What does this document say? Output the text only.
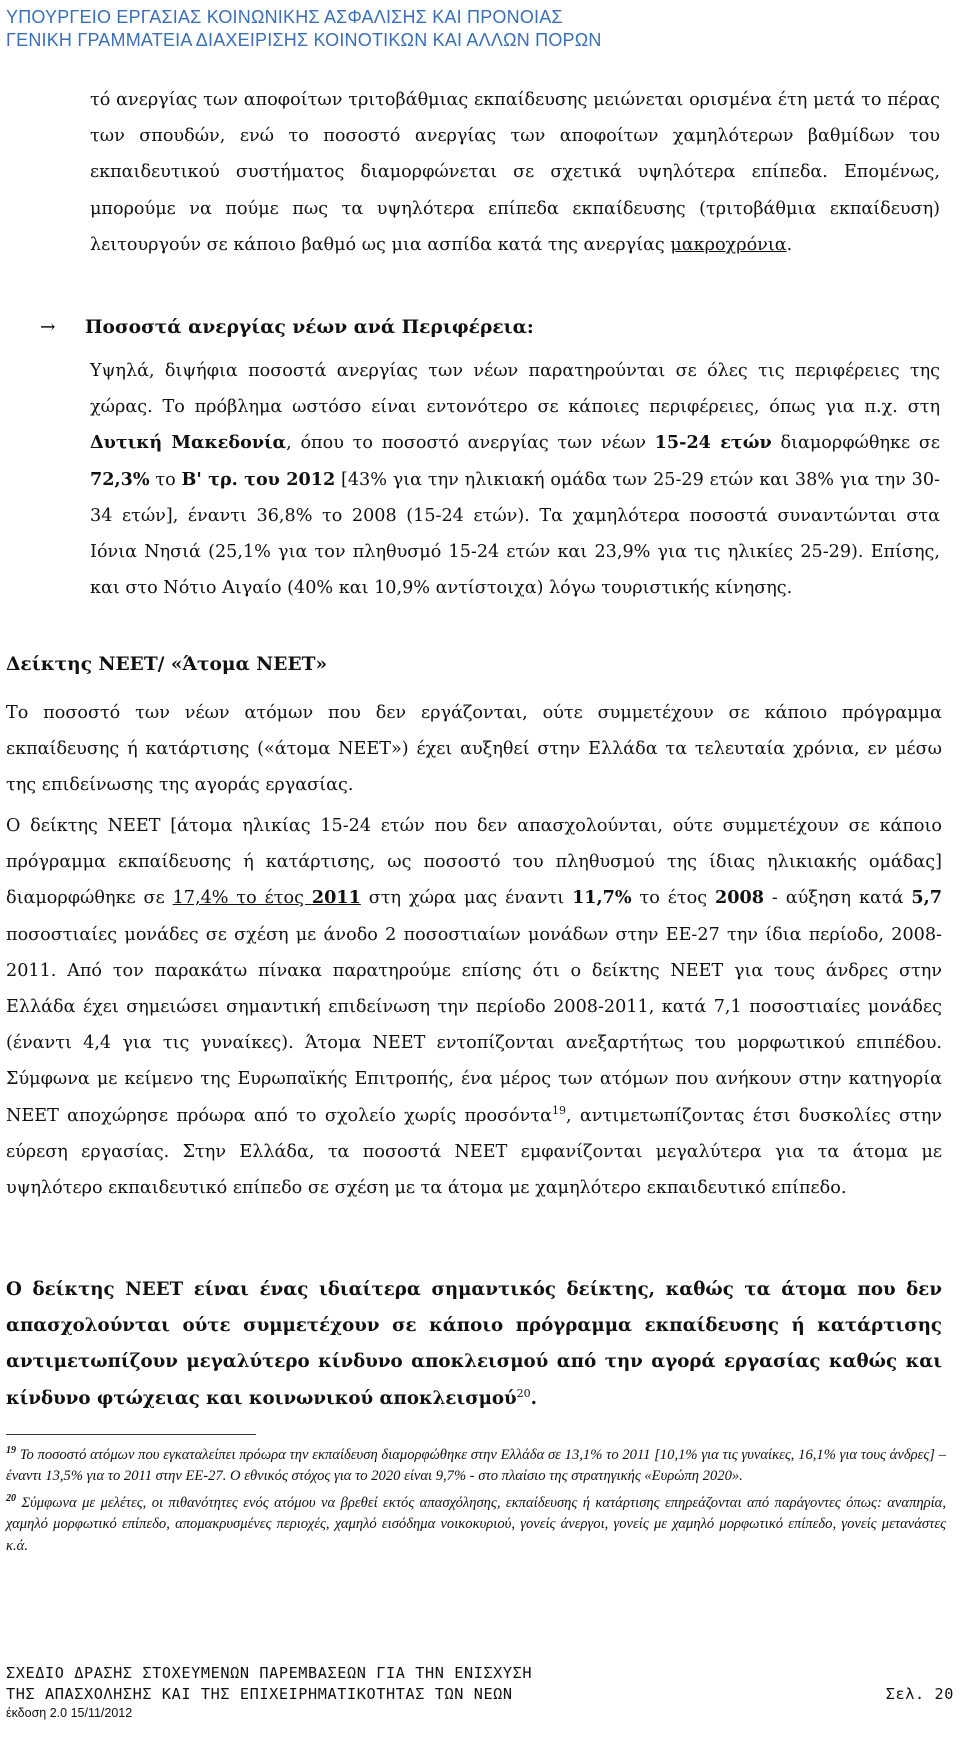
ΥΠΟΥΡΓΕΙΟ ΕΡΓΑΣΙΑΣ ΚΟΙΝΩΝΙΚΗΣ ΑΣΦΑΛΙΣΗΣ ΚΑΙ ΠΡΟΝΟΙΑΣ
ΓΕΝΙΚΗ ΓΡΑΜΜΑΤΕΙΑ ΔΙΑΧΕΙΡΙΣΗΣ ΚΟΙΝΟΤΙΚΩΝ ΚΑΙ ΑΛΛΩΝ ΠΟΡΩΝ
τό ανεργίας των αποφοίτων τριτοβάθμιας εκπαίδευσης μειώνεται ορισμένα έτη μετά το πέρας των σπουδών, ενώ το ποσοστό ανεργίας των αποφοίτων χαμηλότερων βαθμίδων του εκπαιδευτικού συστήματος διαμορφώνεται σε σχετικά υψηλότερα επίπεδα. Επομένως, μπορούμε να πούμε πως τα υψηλότερα επίπεδα εκπαίδευσης (τριτοβάθμια εκπαίδευση) λειτουργούν σε κάποιο βαθμό ως μια ασπίδα κατά της ανεργίας μακροχρόνια.
→ Ποσοστά ανεργίας νέων ανά Περιφέρεια:
Υψηλά, διψήφια ποσοστά ανεργίας των νέων παρατηρούνται σε όλες τις περιφέρειες της χώρας. Το πρόβλημα ωστόσο είναι εντονότερο σε κάποιες περιφέρειες, όπως για π.χ. στη Δυτική Μακεδονία, όπου το ποσοστό ανεργίας των νέων 15-24 ετών διαμορφώθηκε σε 72,3% το Β' τρ. του 2012 [43% για την ηλικιακή ομάδα των 25-29 ετών και 38% για την 30-34 ετών], έναντι 36,8% το 2008 (15-24 ετών). Τα χαμηλότερα ποσοστά συναντώνται στα Ιόνια Νησιά (25,1% για τον πληθυσμό 15-24 ετών και 23,9% για τις ηλικίες 25-29). Επίσης, και στο Νότιο Αιγαίο (40% και 10,9% αντίστοιχα) λόγω τουριστικής κίνησης.
Δείκτης ΝΕΕΤ/ «Άτομα ΝΕΕΤ»
Το ποσοστό των νέων ατόμων που δεν εργάζονται, ούτε συμμετέχουν σε κάποιο πρόγραμμα εκπαίδευσης ή κατάρτισης («άτομα ΝΕΕΤ») έχει αυξηθεί στην Ελλάδα τα τελευταία χρόνια, εν μέσω της επιδείνωσης της αγοράς εργασίας.
Ο δείκτης ΝΕΕΤ [άτομα ηλικίας 15-24 ετών που δεν απασχολούνται, ούτε συμμετέχουν σε κάποιο πρόγραμμα εκπαίδευσης ή κατάρτισης, ως ποσοστό του πληθυσμού της ίδιας ηλικιακής ομάδας] διαμορφώθηκε σε 17,4% το έτος 2011 στη χώρα μας έναντι 11,7% το έτος 2008 - αύξηση κατά 5,7 ποσοστιαίες μονάδες σε σχέση με άνοδο 2 ποσοστιαίων μονάδων στην ΕΕ-27 την ίδια περίοδο, 2008-2011. Από τον παρακάτω πίνακα παρατηρούμε επίσης ότι ο δείκτης ΝΕΕΤ για τους άνδρες στην Ελλάδα έχει σημειώσει σημαντική επιδείνωση την περίοδο 2008-2011, κατά 7,1 ποσοστιαίες μονάδες (έναντι 4,4 για τις γυναίκες). Άτομα ΝΕΕΤ εντοπίζονται ανεξαρτήτως του μορφωτικού επιπέδου. Σύμφωνα με κείμενο της Ευρωπαϊκής Επιτροπής, ένα μέρος των ατόμων που ανήκουν στην κατηγορία ΝΕΕΤ αποχώρησε πρόωρα από το σχολείο χωρίς προσόντα$^{19}$, αντιμετωπίζοντας έτσι δυσκολίες στην εύρεση εργασίας. Στην Ελλάδα, τα ποσοστά ΝΕΕΤ εμφανίζονται μεγαλύτερα για τα άτομα με υψηλότερο εκπαιδευτικό επίπεδο σε σχέση με τα άτομα με χαμηλότερο εκπαιδευτικό επίπεδο.
Ο δείκτης ΝΕΕΤ είναι ένας ιδιαίτερα σημαντικός δείκτης, καθώς τα άτομα που δεν απασχολούνται ούτε συμμετέχουν σε κάποιο πρόγραμμα εκπαίδευσης ή κατάρτισης αντιμετωπίζουν μεγαλύτερο κίνδυνο αποκλεισμού από την αγορά εργασίας καθώς και κίνδυνο φτώχειας και κοινωνικού αποκλεισμού$^{20}$.
$^{19}$ Το ποσοστό ατόμων που εγκαταλείπει πρόωρα την εκπαίδευση διαμορφώθηκε στην Ελλάδα σε 13,1% το 2011 [10,1% για τις γυναίκες, 16,1% για τους άνδρες] – έναντι 13,5% για το 2011 στην ΕΕ-27. Ο εθνικός στόχος για το 2020 είναι 9,7% - στο πλαίσιο της στρατηγικής «Ευρώπη 2020».
$^{20}$ Σύμφωνα με μελέτες, οι πιθανότητες ενός ατόμου να βρεθεί εκτός απασχόλησης, εκπαίδευσης ή κατάρτισης επηρεάζονται από παράγοντες όπως: αναπηρία, χαμηλό μορφωτικό επίπεδο, απομακρυσμένες περιοχές, χαμηλό εισόδημα νοικοκυριού, γονείς άνεργοι, γονείς με χαμηλό μορφωτικό επίπεδο, γονείς μετανάστες κ.ά.
ΣΧΕΔΙΟ ΔΡΑΣΗΣ ΣΤΟΧΕΥΜΕΝΩΝ ΠΑΡΕΜΒΑΣΕΩΝ ΓΙΑ ΤΗΝ ΕΝΙΣΧΥΣΗ
ΤΗΣ ΑΠΑΣΧΟΛΗΣΗΣ ΚΑΙ ΤΗΣ ΕΠΙΧΕΙΡΗΜΑΤΙΚΟΤΗΤΑΣ ΤΩΝ ΝΕΩΝ	Σελ. 20
έκδοση 2.0 15/11/2012
